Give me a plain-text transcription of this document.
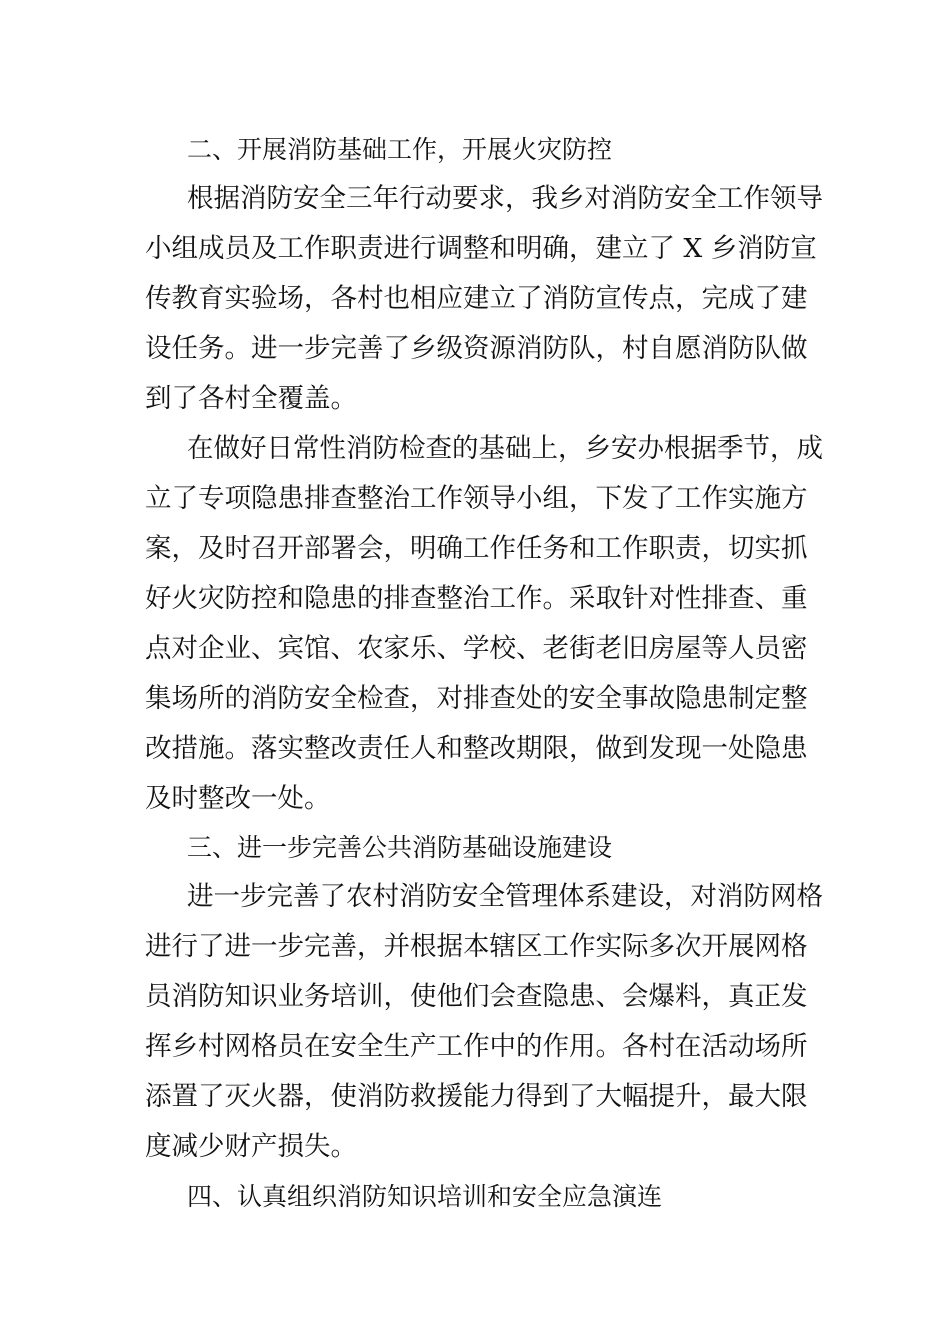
二、开展消防基础工作，开展火灾防控
根据消防安全三年行动要求，我乡对消防安全工作领导
小组成员及工作职责进行调整和明确，建立了 X 乡消防宣
传教育实验场，各村也相应建立了消防宣传点，完成了建
设任务。进一步完善了乡级资源消防队，村自愿消防队做
到了各村全覆盖。
在做好日常性消防检查的基础上，乡安办根据季节，成
立了专项隐患排查整治工作领导小组，下发了工作实施方
案，及时召开部署会，明确工作任务和工作职责，切实抓
好火灾防控和隐患的排查整治工作。采取针对性排查、重
点对企业、宾馆、农家乐、学校、老街老旧房屋等人员密
集场所的消防安全检查，对排查处的安全事故隐患制定整
改措施。落实整改责任人和整改期限，做到发现一处隐患
及时整改一处。
三、进一步完善公共消防基础设施建设
进一步完善了农村消防安全管理体系建设，对消防网格
进行了进一步完善，并根据本辖区工作实际多次开展网格
员消防知识业务培训，使他们会查隐患、会爆料，真正发
挥乡村网格员在安全生产工作中的作用。各村在活动场所
添置了灭火器，使消防救援能力得到了大幅提升，最大限
度减少财产损失。
四、认真组织消防知识培训和安全应急演连
